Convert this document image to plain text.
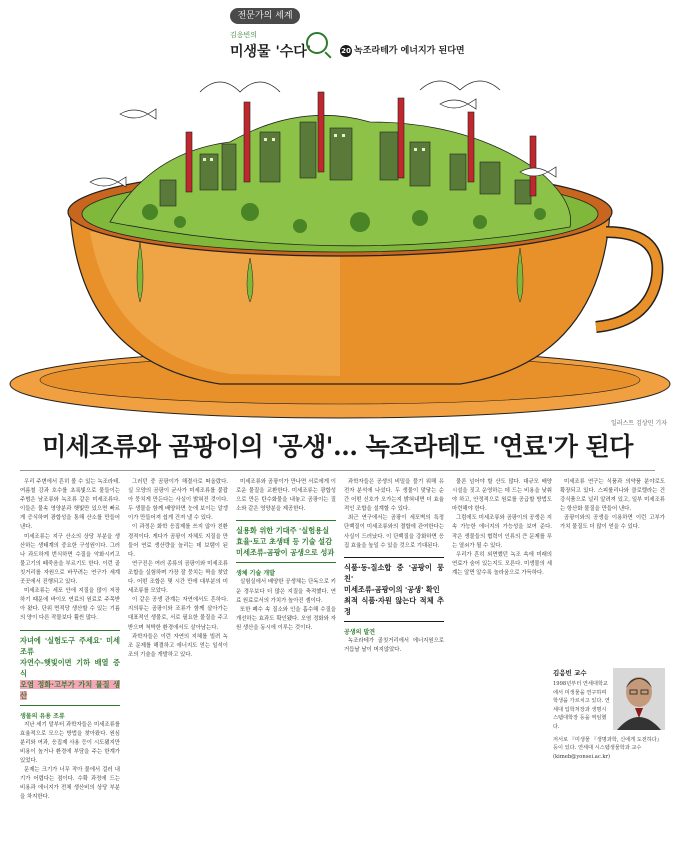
전문가의 세계
김응빈의
미생물 '수다'	20 녹조라테가 에너지가 된다면
일러스트 김상민 기자
미세조류와 곰팡이의 '공생'… 녹조라테도 '연료'가 된다

우리 주변에서 흔히 볼 수 있는 녹조라테. 여름철 강과 호수를 초록빛으로 물들이는 주범은 남조류와 녹조류 같은 미세조류다. 이들은 물속 영양분과 햇빛만 있으면 빠르게 증식하며 광합성을 통해 산소를 만들어 낸다.

미세조류는 지구 산소의 상당 부분을 생산하는 생태계의 중요한 구성원이다. 그러나 과도하게 번식하면 수질을 악화시키고 물고기의 떼죽음을 부르기도 한다. 이런 골칫거리를 자원으로 바꾸려는 연구가 세계 곳곳에서 진행되고 있다.

미세조류는 세포 안에 지질을 많이 저장하기 때문에 바이오 연료의 원료로 주목받아 왔다. 단위 면적당 생산할 수 있는 기름의 양이 다른 작물보다 훨씬 많다.

자녀에 '실험도구 주세요' 미세조류
자연수-햇빛이면 기하 배열 증식
오염 정화·고부가 가치 물질 생산

생물의 유용 조류

지난 세기 말부터 과학자들은 미세조류를 효율적으로 모으는 방법을 찾아왔다. 원심분리와 여과, 응집제 사용 등이 시도됐지만 비용이 높거나 환경에 부담을 주는 한계가 있었다.

문제는 크기가 너무 작아 물에서 걸러 내기가 어렵다는 점이다. 수확 과정에 드는 비용과 에너지가 전체 생산비의 상당 부분을 차지한다.

그러던 중 곰팡이가 해결사로 떠올랐다. 실 모양의 곰팡이 균사가 미세조류를 붙잡아 뭉치게 만든다는 사실이 밝혀진 것이다. 두 생물을 함께 배양하면 눈에 보이는 알갱이가 만들어져 쉽게 건져 낼 수 있다.

이 과정은 화학 응집제를 쓰지 않아 친환경적이다. 게다가 곰팡이 자체도 지질을 만들어 연료 생산량을 늘리는 데 보탬이 된다.

연구진은 여러 종류의 곰팡이와 미세조류 조합을 실험하며 가장 잘 뭉치는 짝을 찾았다. 어떤 조합은 몇 시간 만에 대부분의 미세조류를 모았다.

이 같은 공생 관계는 자연에서도 흔하다. 지의류는 곰팡이와 조류가 함께 살아가는 대표적인 생물로, 서로 필요한 물질을 주고받으며 척박한 환경에서도 살아남는다.

과학자들은 이런 자연의 지혜를 빌려 녹조 문제를 해결하고 에너지도 얻는 일석이조의 기술을 개발하고 있다.

미세조류와 곰팡이가 만나면 서로에게 이로운 물질을 교환한다. 미세조류는 광합성으로 만든 탄수화물을 내놓고 곰팡이는 질소와 같은 영양분을 제공한다.

실용화 위한 기대주 '실험용실
효율·토고 초생태 등 기술 설감
미세조류-곰팡이 공생으로 성과

생체 기술 개발

실험실에서 배양한 공생체는 단독으로 키운 경우보다 더 많은 지질을 축적했다. 연료 원료로서의 가치가 높아진 셈이다.

또한 폐수 속 질소와 인을 흡수해 수질을 개선하는 효과도 확인됐다. 오염 정화와 자원 생산을 동시에 이루는 것이다.

과학자들은 공생의 비밀을 풀기 위해 유전자 분석에 나섰다. 두 생물이 맞닿는 순간 어떤 신호가 오가는지 밝혀내면 더 효율적인 조합을 설계할 수 있다.

최근 연구에서는 곰팡이 세포벽의 특정 단백질이 미세조류와의 결합에 관여한다는 사실이 드러났다. 이 단백질을 강화하면 응집 효율을 높일 수 있을 것으로 기대된다.

식품·동-질소합 중 '곰팡이 뭉친'
미세조류-곰팡이의 '공생' 확인
최적 식품·자원 않는다 적체 추정

공생의 발견

녹조라테가 골칫거리에서 에너지원으로 거듭날 날이 머지않았다.

물론 넘어야 할 산도 많다. 대규모 배양 시설을 짓고 운영하는 데 드는 비용을 낮춰야 하고, 안정적으로 원료를 공급할 방법도 마련해야 한다.

그럼에도 미세조류와 곰팡이의 공생은 지속 가능한 에너지의 가능성을 보여 준다. 작은 생물들의 협력이 인류의 큰 문제를 푸는 열쇠가 될 수 있다.

우리가 흔히 외면했던 녹조 속에 미래의 연료가 숨어 있는지도 모른다. 미생물의 세계는 알면 알수록 놀라움으로 가득하다.

미세조류 연구는 식품과 의약품 분야로도 확장되고 있다. 스피룰리나와 클로렐라는 건강식품으로 널리 알려져 있고, 일부 미세조류는 항산화 물질을 만들어 낸다.

곰팡이와의 공생을 이용하면 이런 고부가 가치 물질도 더 많이 얻을 수 있다.

김응빈 교수
1998년부터 연세대학교에서 미생물을 연구하며 학생을 가르치고 있다. 연세대 입학처장과 생명시스템대학장 등을 역임했다.
저서로 『미생물 『생명과학, 신에게 도전하다』 등이 있다. 연세대 시스템생물학과 교수(kimeb@yonsei.ac.kr)
